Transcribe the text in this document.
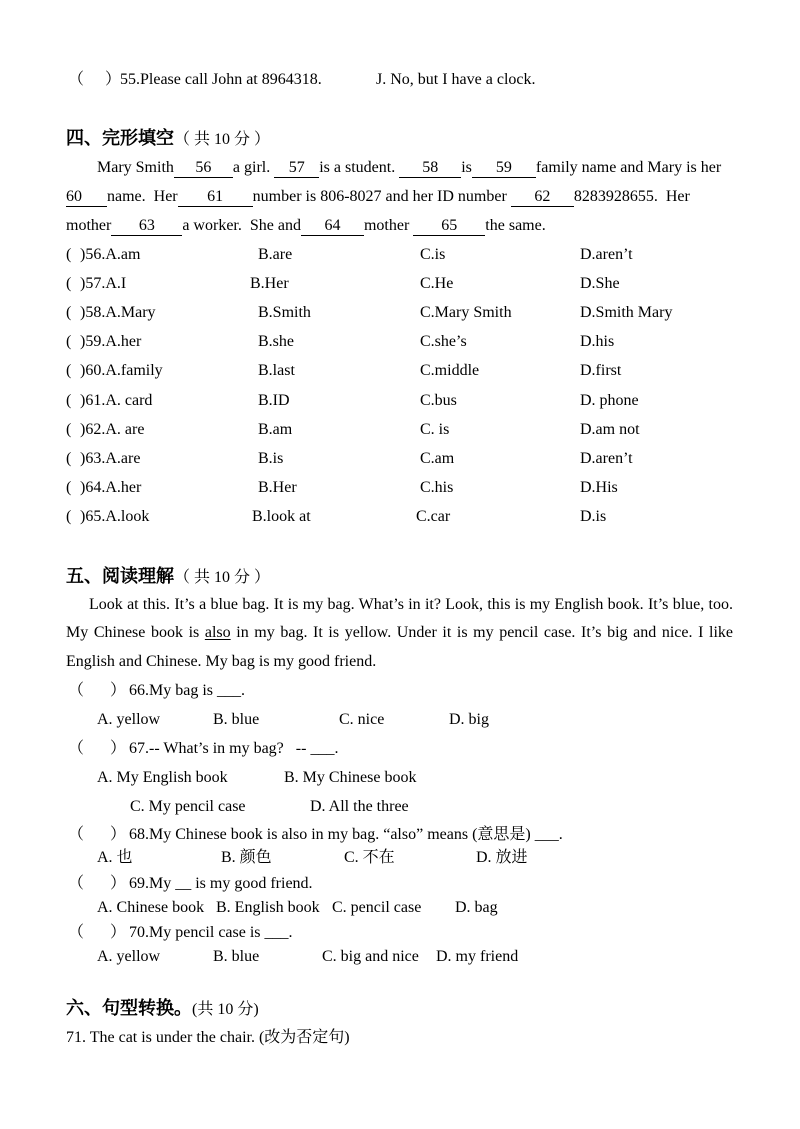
（ ）
55.Please call John at 8964318.	J. No, but I have a clock.
四、完形填空（ 共 10 分 ）
Mary Smith 56 a girl. 57 is a student. 58 is 59 family name and Mary is her
60 name.  Her 61 number is 806-8027 and her ID number 62 8283928655.  Her
mother 63 a worker.  She and 64 mother 65 the same.
( )56.A.am	B.are	C.is	D.aren’t
( )57.A.I	B.Her	C.He	D.She
( )58.A.Mary	B.Smith	C.Mary Smith	D.Smith Mary
( )59.A.her	B.she	C.she’s	D.his
( )60.A.family	B.last	C.middle	D.first
( )61.A. card	B.ID	C.bus	D. phone
( )62.A. are	B.am	C. is	D.am not
( )63.A.are	B.is	C.am	D.aren’t
( )64.A.her	B.Her	C.his	D.His
( )65.A.look	B.look at	C.car	D.is
五、阅读理解（ 共 10 分 ）
Look at this. It’s a blue bag. It is my bag. What’s in it? Look, this is my English book. It’s blue, too.
My Chinese book is also in my bag. It is yellow. Under it is my pencil case. It’s big and nice. I like
English and Chinese. My bag is my good friend.
（ ） 66.My bag is ___.
A. yellow	B. blue	C. nice	D. big
（ ） 67.-- What’s in my bag?   -- ___.
A. My English book	B. My Chinese book
C. My pencil case	D. All the three
（ ） 68.My Chinese book is also in my bag. “also” means (意思是) ___.
A. 也	B. 颜色	C. 不在	D. 放进
（ ） 69.My __ is my good friend.
A. Chinese book B. English book C. pencil case D. bag
（ ） 70.My pencil case is ___.
A. yellow	B. blue	C. big and nice D. my friend
六、句型转换。(共 10 分)
71. The cat is under the chair. (改为否定句)
